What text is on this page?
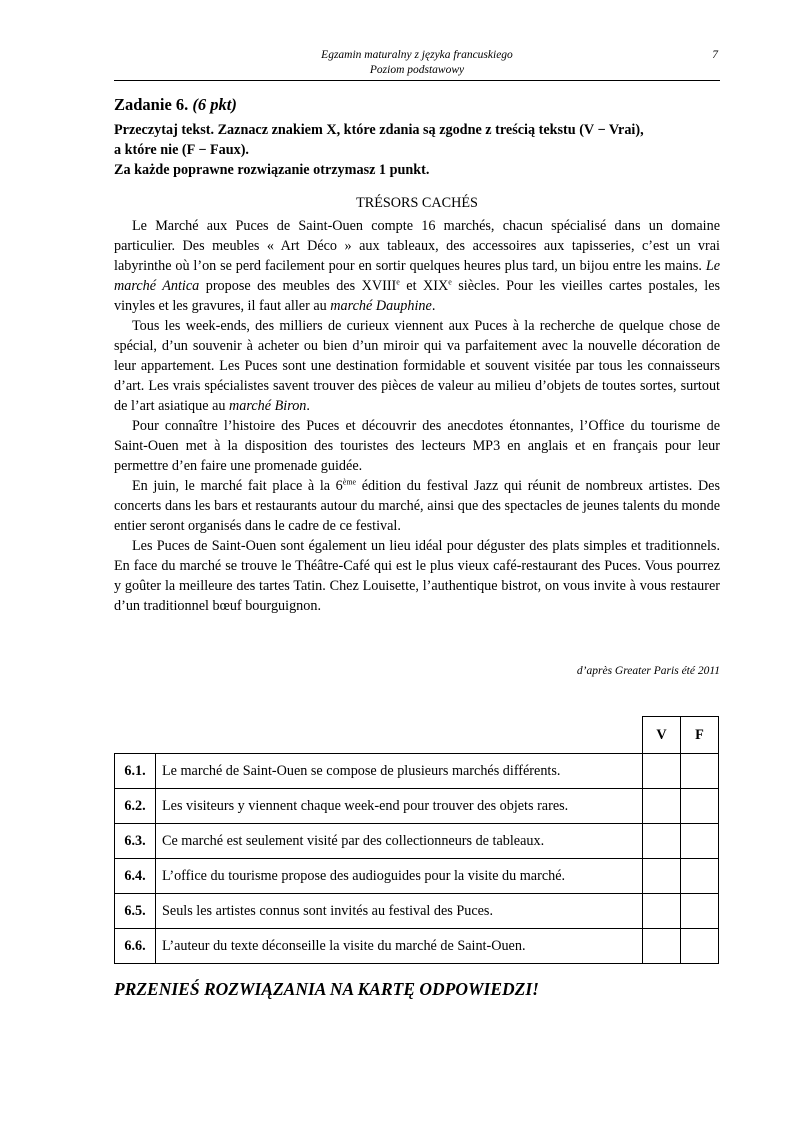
Egzamin maturalny z języka francuskiego
Poziom podstawowy
7
Zadanie 6. (6 pkt)

Przeczytaj tekst. Zaznacz znakiem X, które zdania są zgodne z treścią tekstu (V − Vrai),

a które nie (F − Faux).

Za każde poprawne rozwiązanie otrzymasz 1 punkt.

TRÉSORS CACHÉS

Le Marché aux Puces de Saint-Ouen compte 16 marchés, chacun spécialisé dans un domaine particulier. Des meubles « Art Déco » aux tableaux, des accessoires aux tapisseries, c’est un vrai labyrinthe où l’on se perd facilement pour en sortir quelques heures plus tard, un bijou entre les mains. Le marché Antica propose des meubles des XVIIIe et XIXe siècles. Pour les vieilles cartes postales, les vinyles et les gravures, il faut aller au marché Dauphine.

Tous les week-ends, des milliers de curieux viennent aux Puces à la recherche de quelque chose de spécial, d’un souvenir à acheter ou bien d’un miroir qui va parfaitement avec la nouvelle décoration de leur appartement. Les Puces sont une destination formidable et souvent visitée par tous les connaisseurs d’art. Les vrais spécialistes savent trouver des pièces de valeur au milieu d’objets de toutes sortes, surtout de l’art asiatique au marché Biron.

Pour connaître l’histoire des Puces et découvrir des anecdotes étonnantes, l’Office du tourisme de Saint-Ouen met à la disposition des touristes des lecteurs MP3 en anglais et en français pour leur permettre d’en faire une promenade guidée.

En juin, le marché fait place à la 6ème édition du festival Jazz qui réunit de nombreux artistes. Des concerts dans les bars et restaurants autour du marché, ainsi que des spectacles de jeunes talents du monde entier seront organisés dans le cadre de ce festival.

Les Puces de Saint-Ouen sont également un lieu idéal pour déguster des plats simples et traditionnels. En face du marché se trouve le Théâtre-Café qui est le plus vieux café-restaurant des Puces. Vous pourrez y goûter la meilleure des tartes Tatin. Chez Louisette, l’authentique bistrot, on vous invite à vous restaurer d’un traditionnel bœuf bourguignon.

d’après Greater Paris été 2011
		V	F
6.1.	Le marché de Saint-Ouen se compose de plusieurs marchés différents.		
6.2.	Les visiteurs y viennent chaque week-end pour trouver des objets rares.		
6.3.	Ce marché est seulement visité par des collectionneurs de tableaux.		
6.4.	L’office du tourisme propose des audioguides pour la visite du marché.		
6.5.	Seuls les artistes connus sont invités au festival des Puces.		
6.6.	L’auteur du texte déconseille la visite du marché de Saint-Ouen.		
PRZENIEŚ ROZWIĄZANIA NA KARTĘ ODPOWIEDZI!
